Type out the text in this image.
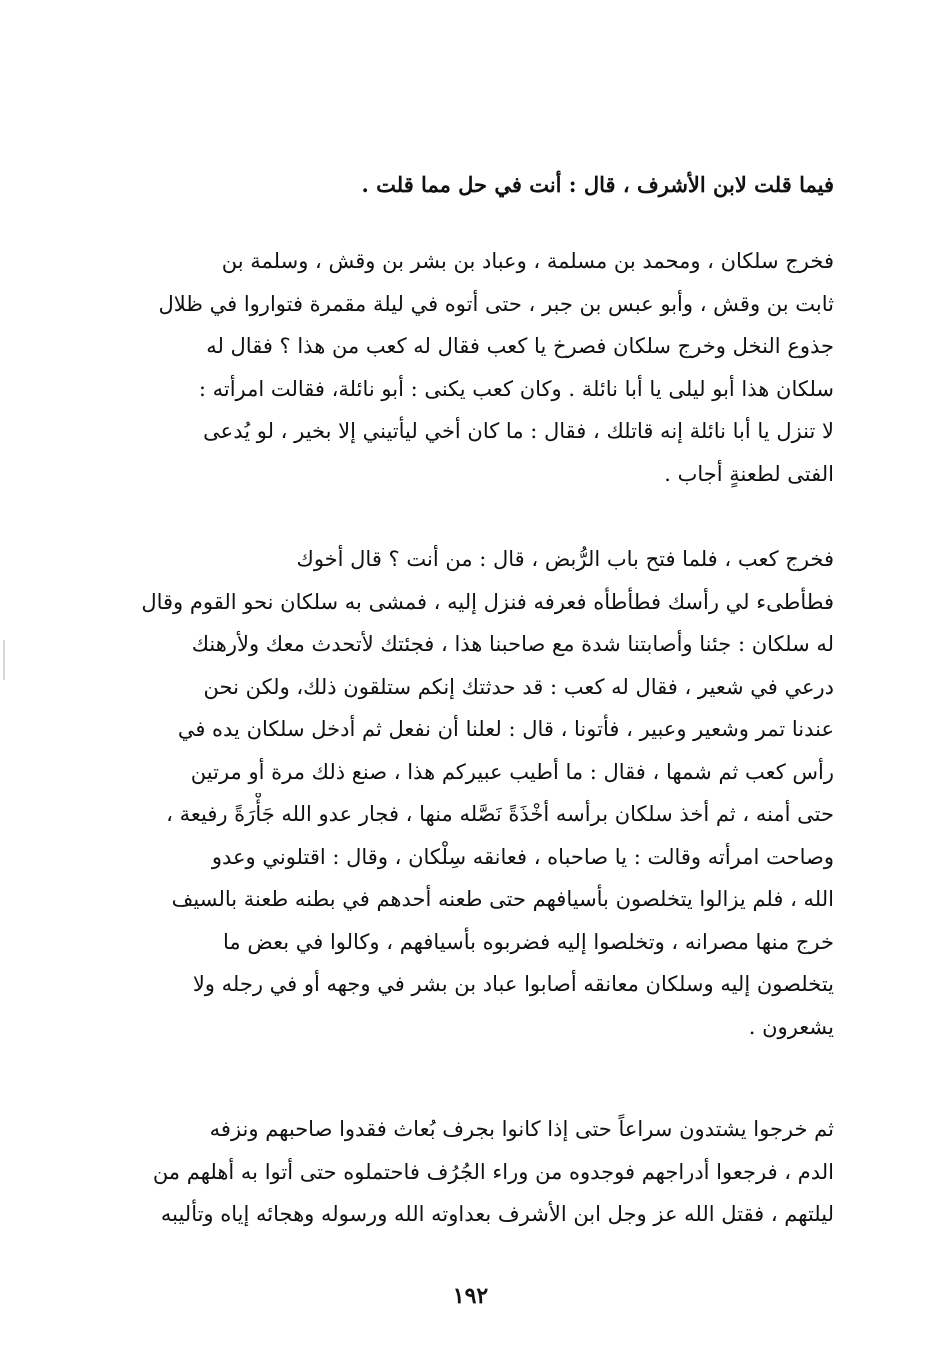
فيما قلت لابن الأشرف ، قال : أنت في حل مما قلت .
فخرج سلكان ، ومحمد بن مسلمة ، وعباد بن بشر بن وقش ، وسلمة بن
ثابت بن وقش ، وأبو عبس بن جبر ، حتى أتوه في ليلة مقمرة فتواروا في ظلال
جذوع النخل وخرج سلكان فصرخ يا كعب فقال له كعب من هذا ؟ فقال له
سلكان هذا أبو ليلى يا أبا نائلة . وكان كعب يكنى : أبو نائلة، فقالت امرأته :
لا تنزل يا أبا نائلة إنه قاتلك ، فقال : ما كان أخي ليأتيني إلا بخير ، لو يُدعى
الفتى لطعنةٍ أجاب .
فخرج كعب ، فلما فتح باب الرُّبض ، قال : من أنت ؟ قال أخوك
فطأطىء لي رأسك فطأطأه فعرفه فنزل إليه ، فمشى به سلكان نحو القوم وقال
له سلكان : جئنا وأصابتنا شدة مع صاحبنا هذا ، فجئتك لأتحدث معك ولأرهنك
درعي في شعير ، فقال له كعب : قد حدثتك إنكم ستلقون ذلك، ولكن نحن
عندنا تمر وشعير وعبير ، فأتونا ، قال : لعلنا أن نفعل ثم أدخل سلكان يده في
رأس كعب ثم شمها ، فقال : ما أطيب عبيركم هذا ، صنع ذلك مرة أو مرتين
حتى أمنه ، ثم أخذ سلكان برأسه أخْذَةً نَصَّله منها ، فجار عدو الله جَأْرَةً رفيعة ،
وصاحت امرأته وقالت : يا صاحباه ، فعانقه سِلْكان ، وقال : اقتلوني وعدو
الله ، فلم يزالوا يتخلصون بأسيافهم حتى طعنه أحدهم في بطنه طعنة بالسيف
خرج منها مصرانه ، وتخلصوا إليه فضربوه بأسيافهم ، وكالوا في بعض ما
يتخلصون إليه وسلكان معانقه أصابوا عباد بن بشر في وجهه أو في رجله ولا
يشعرون .
ثم خرجوا يشتدون سراعاً حتى إذا كانوا بجرف بُعاث فقدوا صاحبهم ونزفه
الدم ، فرجعوا أدراجهم فوجدوه من وراء الجُرُف فاحتملوه حتى أتوا به أهلهم من
ليلتهم ، فقتل الله عز وجل ابن الأشرف بعداوته الله ورسوله وهجائه إياه وتأليبه
١٩٢
